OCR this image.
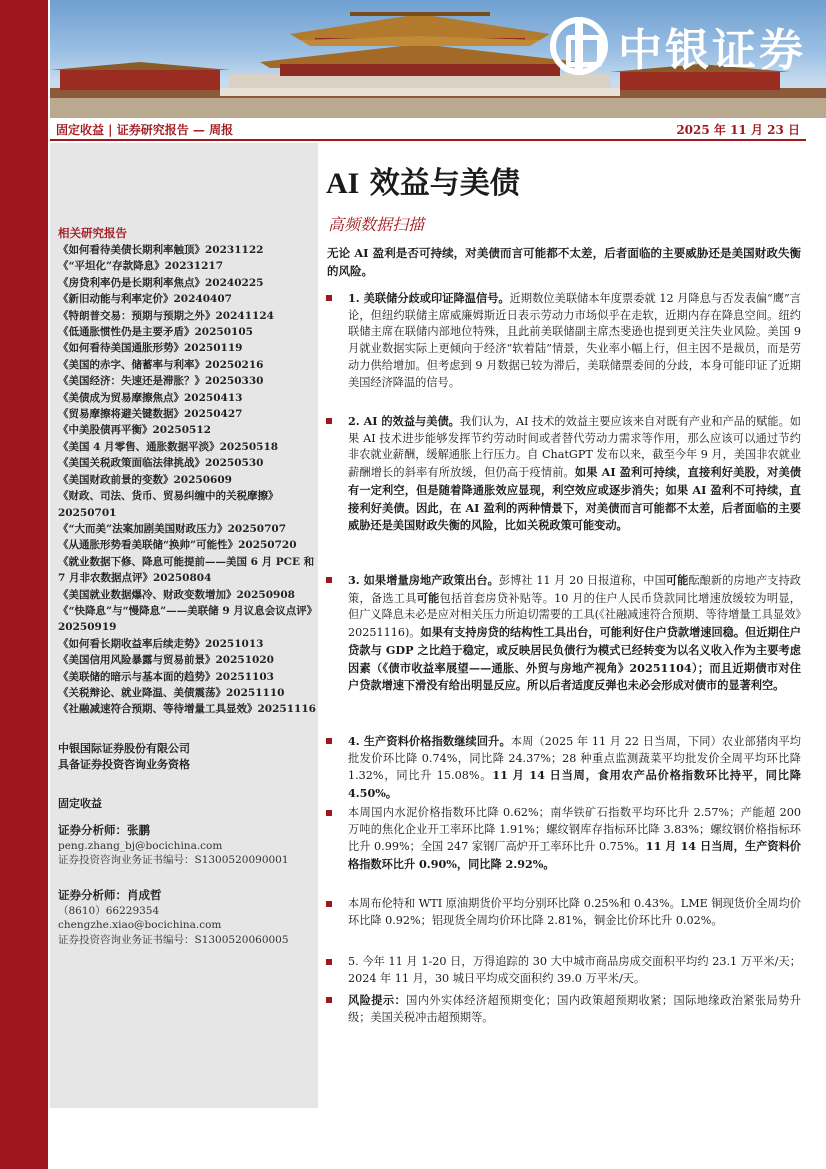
中银证券
固定收益 | 证券研究报告 — 周报	2025 年 11 月 23 日
相关研究报告
《如何看待美债长期利率触顶》20231122
《“平坦化”存款降息》20231217
《房贷利率仍是长期利率焦点》20240225
《新旧动能与利率定价》20240407
《特朗普交易：预期与预期之外》20241124
《低通胀惯性仍是主要矛盾》20250105
《如何看待美国通胀形势》20250119
《美国的赤字、储蓄率与利率》20250216
《美国经济：失速还是滞胀？》20250330
《美债成为贸易摩擦焦点》20250413
《贸易摩擦将避关键数据》20250427
《中美股债再平衡》20250512
《美国 4 月零售、通胀数据平淡》20250518
《美国关税政策面临法律挑战》20250530
《美国财政前景的变数》20250609
《财政、司法、货币、贸易纠缠中的关税摩擦》20250701
《“大而美”法案加剧美国财政压力》20250707
《从通胀形势看美联储“换帅”可能性》20250720
《就业数据下修、降息可能提前——美国 6 月 PCE 和 7 月非农数据点评》20250804
《美国就业数据爆冷、财政变数增加》20250908
《“快降息”与“慢降息”——美联储 9 月议息会议点评》20250919
《如何看长期收益率后续走势》20251013
《美国信用风险暴露与贸易前景》20251020
《美联储的暗示与基本面的趋势》20251103
《关税辩论、就业降温、美债震荡》20251110
《社融减速符合预期、等待增量工具显效》20251116
中银国际证券股份有限公司
具备证券投资咨询业务资格
固定收益
证券分析师：张鹏
peng.zhang_bj@bocichina.com
证券投资咨询业务证书编号：S1300520090001
证券分析师：肖成哲
（8610）66229354
chengzhe.xiao@bocichina.com
证券投资咨询业务证书编号：S1300520060005
AI 效益与美债
高频数据扫描
无论 AI 盈利是否可持续，对美债而言可能都不太差，后者面临的主要威胁还是美国财政失衡的风险。
1. 美联储分歧或印证降温信号。近期数位美联储本年度票委就 12 月降息与否发表偏“鹰”言论，但纽约联储主席威廉姆斯近日表示劳动力市场似乎在走软，近期内存在降息空间。纽约联储主席在联储内部地位特殊，且此前美联储副主席杰斐逊也提到更关注失业风险。美国 9 月就业数据实际上更倾向于经济“软着陆”情景，失业率小幅上行，但主因不是裁员，而是劳动力供给增加。但考虑到 9 月数据已较为滞后，美联储票委间的分歧，本身可能印证了近期美国经济降温的信号。
2. AI 的效益与美债。我们认为，AI 技术的效益主要应该来自对既有产业和产品的赋能。如果 AI 技术进步能够发挥节约劳动时间或者替代劳动力需求等作用，那么应该可以通过节约非农就业薪酬，缓解通胀上行压力。自 ChatGPT 发布以来，截至今年 9 月，美国非农就业薪酬增长的斜率有所放缓，但仍高于疫情前。如果 AI 盈利可持续，直接利好美股，对美债有一定利空，但是随着降通胀效应显现，利空效应或逐步消失；如果 AI 盈利不可持续，直接利好美债。因此，在 AI 盈利的两种情景下，对美债而言可能都不太差，后者面临的主要威胁还是美国财政失衡的风险，比如关税政策可能变动。
3. 如果增量房地产政策出台。彭博社 11 月 20 日报道称，中国可能酝酿新的房地产支持政策，备选工具可能包括首套房贷补贴等。10 月的住户人民币贷款同比增速放缓较为明显，但广义降息未必是应对相关压力所迫切需要的工具(《社融减速符合预期、等待增量工具显效》20251116)。如果有支持房贷的结构性工具出台，可能利好住户贷款增速回稳。但近期住户贷款与 GDP 之比趋于稳定，或反映居民负债行为模式已经转变为以名义收入作为主要考虑因素（《债市收益率展望——通胀、外贸与房地产视角》20251104）；而且近期债市对住户贷款增速下滑没有给出明显反应。所以后者适度反弹也未必会形成对债市的显著利空。
4. 生产资料价格指数继续回升。本周（2025 年 11 月 22 日当周，下同）农业部猪肉平均批发价环比降 0.74%，同比降 24.37%；28 种重点监测蔬菜平均批发价全周平均环比降 1.32%，同比升 15.08%。11 月 14 日当周，食用农产品价格指数环比持平，同比降 4.50%。
本周国内水泥价格指数环比降 0.62%；南华铁矿石指数平均环比升 2.57%；产能超 200 万吨的焦化企业开工率环比降 1.91%；螺纹钢库存指标环比降 3.83%；螺纹钢价格指标环比升 0.99%；全国 247 家钢厂高炉开工率环比升 0.75%。11 月 14 日当周，生产资料价格指数环比升 0.90%，同比降 2.92%。
本周布伦特和 WTI 原油期货价平均分别环比降 0.25%和 0.43%。LME 铜现货价全周均价环比降 0.92%；铝现货全周均价环比降 2.81%，铜金比价环比升 0.02%。
5. 今年 11 月 1-20 日，万得追踪的 30 大中城市商品房成交面积平均约 23.1 万平米/天；2024 年 11 月，30 城日平均成交面积约 39.0 万平米/天。
风险提示：国内外实体经济超预期变化；国内政策超预期收紧；国际地缘政治紧张局势升级；美国关税冲击超预期等。
